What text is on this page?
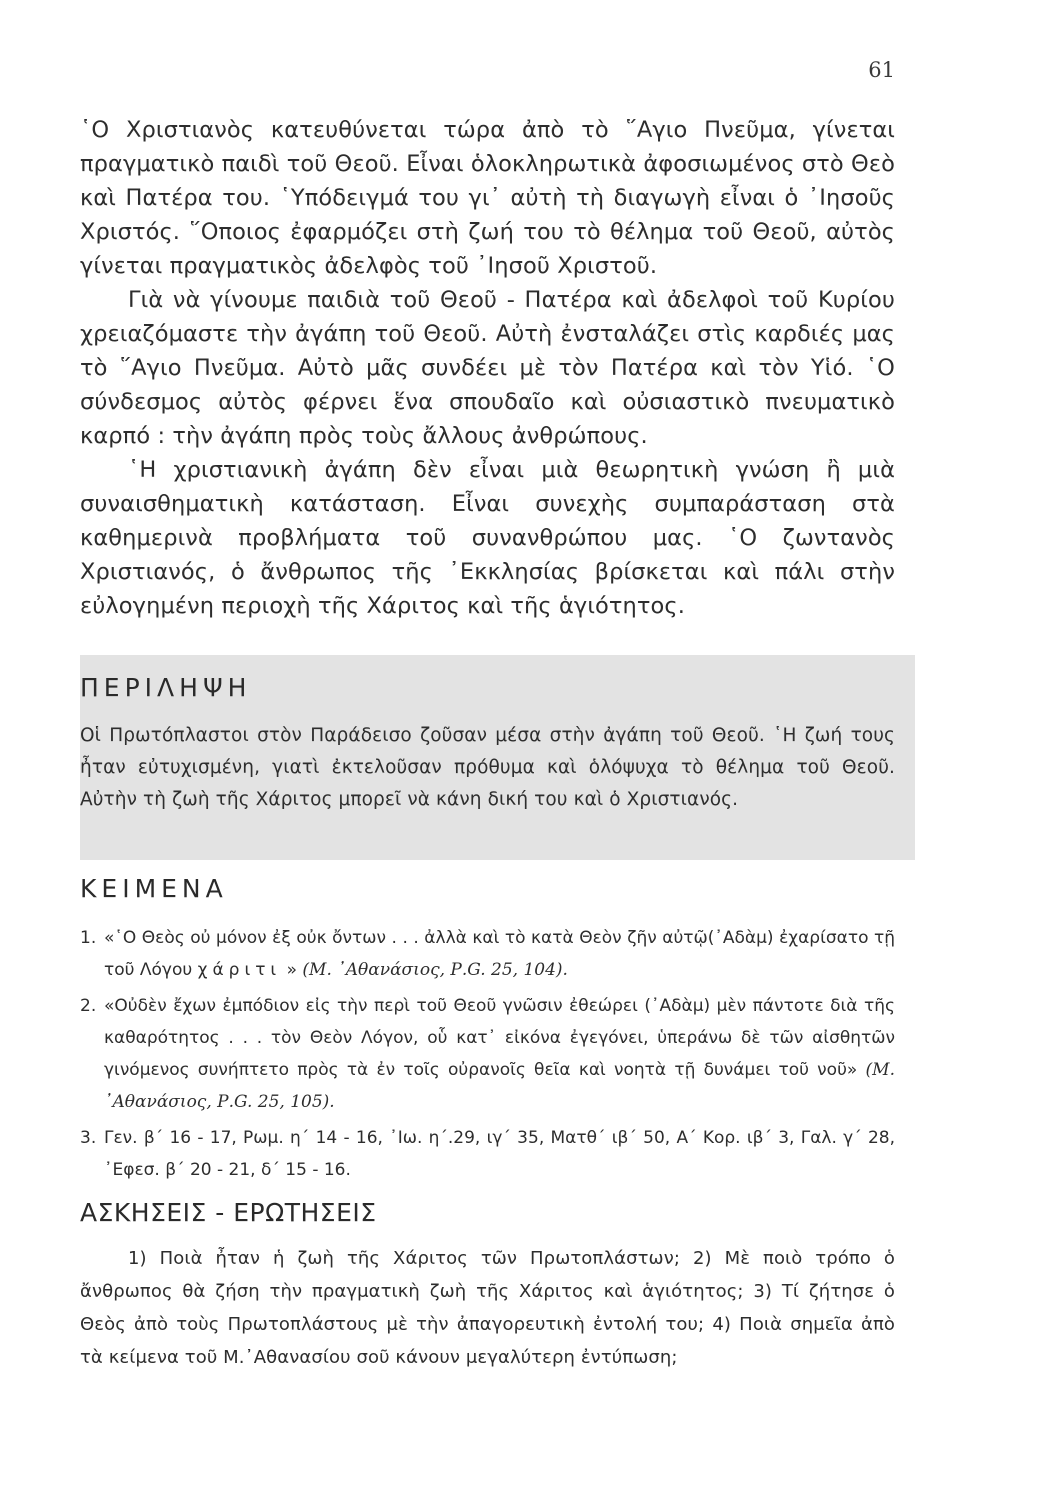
61

῾Ο Χριστιανὸς κατευθύνεται τώρα ἀπὸ τὸ ῞Αγιο Πνεῦμα, γίνεται πραγματικὸ παιδὶ τοῦ Θεοῦ. Εἶναι ὁλοκληρωτικὰ ἀφοσιωμένος στὸ Θεὸ καὶ Πατέρα του. ῾Υπόδειγμά του γι᾽ αὐτὴ τὴ διαγωγὴ εἶναι ὁ ᾽Ιησοῦς Χριστός. ῞Οποιος ἐφαρμόζει στὴ ζωή του τὸ θέλημα τοῦ Θεοῦ, αὐτὸς γίνεται πραγματικὸς ἀδελφὸς τοῦ ᾽Ιησοῦ Χριστοῦ.

Γιὰ νὰ γίνουμε παιδιὰ τοῦ Θεοῦ - Πατέρα καὶ ἀδελφοὶ τοῦ Κυρίου χρειαζόμαστε τὴν ἀγάπη τοῦ Θεοῦ. Αὐτὴ ἐνσταλάζει στὶς καρδιές μας τὸ ῞Αγιο Πνεῦμα. Αὐτὸ μᾶς συνδέει μὲ τὸν Πατέρα καὶ τὸν Υἱό. ῾Ο σύνδεσμος αὐτὸς φέρνει ἕνα σπουδαῖο καὶ οὐσιαστικὸ πνευματικὸ καρπό : τὴν ἀγάπη πρὸς τοὺς ἄλλους ἀνθρώπους.

῾Η χριστιανικὴ ἀγάπη δὲν εἶναι μιὰ θεωρητικὴ γνώση ἢ μιὰ συναισθηματικὴ κατάσταση. Εἶναι συνεχὴς συμπαράσταση στὰ καθημερινὰ προβλήματα τοῦ συνανθρώπου μας. ῾Ο ζωντανὸς Χριστιανός, ὁ ἄνθρωπος τῆς ᾽Εκκλησίας βρίσκεται καὶ πάλι στὴν εὐλογημένη περιοχὴ τῆς Χάριτος καὶ τῆς ἁγιότητος.

ΠΕΡΙΛΗΨΗ

Οἱ Πρωτόπλαστοι στὸν Παράδεισο ζοῦσαν μέσα στὴν ἀγάπη τοῦ Θεοῦ. ῾Η ζωή τους ἦταν εὐτυχισμένη, γιατὶ ἐκτελοῦσαν πρόθυμα καὶ ὁλόψυχα τὸ θέλημα τοῦ Θεοῦ. Αὐτὴν τὴ ζωὴ τῆς Χάριτος μπορεῖ νὰ κάνη δική του καὶ ὁ Χριστιανός.

ΚΕΙΜΕΝΑ

1. «῾Ο Θεὸς οὐ μόνον ἐξ οὐκ ὄντων . . . ἀλλὰ καὶ τὸ κατὰ Θεὸν ζῆν αὐτῷ(᾽Αδὰμ) ἐχαρίσατο τῇ τοῦ Λόγου χάριτι » (Μ. ᾽Αθανάσιος, Ρ.G. 25, 104).

2. «Οὐδὲν ἔχων ἐμπόδιον εἰς τὴν περὶ τοῦ Θεοῦ γνῶσιν ἐθεώρει (᾽Αδὰμ) μὲν πάντοτε διὰ τῆς καθαρότητος . . . τὸν Θεὸν Λόγον, οὗ κατ᾽ εἰκόνα ἐγεγόνει, ὑπεράνω δὲ τῶν αἰσθητῶν γινόμενος συνήπτετο πρὸς τὰ ἐν τοῖς οὐρανοῖς θεῖα καὶ νοητὰ τῇ δυνάμει τοῦ νοῦ» (Μ. ᾽Αθανάσιος, Ρ.G. 25, 105).

3. Γεν. β´ 16 - 17, Ρωμ. η´ 14 - 16, ᾽Ιω. η´.29, ιγ´ 35, Ματθ´ ιβ´ 50, Α´ Κορ. ιβ´ 3, Γαλ. γ´ 28, ᾽Εφεσ. β´ 20 - 21, δ´ 15 - 16.

ΑΣΚΗΣΕΙΣ - ΕΡΩΤΗΣΕΙΣ

1) Ποιὰ ἦταν ἡ ζωὴ τῆς Χάριτος τῶν Πρωτοπλάστων; 2) Μὲ ποιὸ τρόπο ὁ ἄνθρωπος θὰ ζήση τὴν πραγματικὴ ζωὴ τῆς Χάριτος καὶ ἁγιότητος; 3) Τί ζήτησε ὁ Θεὸς ἀπὸ τοὺς Πρωτοπλάστους μὲ τὴν ἀπαγορευτικὴ ἐντολή του; 4) Ποιὰ σημεῖα ἀπὸ τὰ κείμενα τοῦ Μ.᾽Αθανασίου σοῦ κάνουν μεγαλύτερη ἐντύπωση;
